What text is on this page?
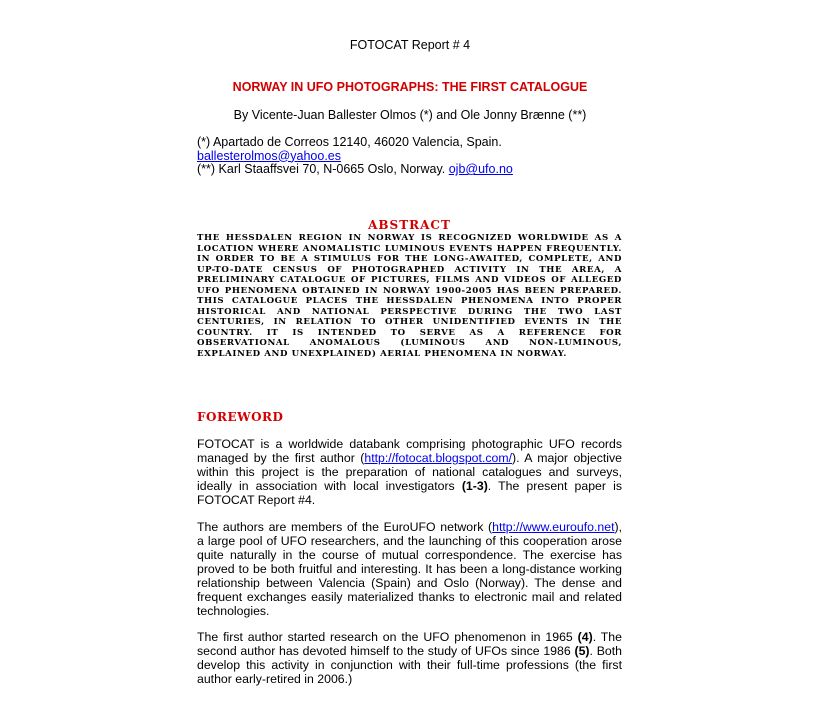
FOTOCAT Report # 4
NORWAY IN UFO PHOTOGRAPHS: THE FIRST CATALOGUE
By Vicente-Juan Ballester Olmos (*) and Ole Jonny Brænne (**)
(*) Apartado de Correos 12140, 46020 Valencia, Spain.
ballesterolmos@yahoo.es
(**) Karl Staaffsvei 70, N-0665 Oslo, Norway. ojb@ufo.no
ABSTRACT
THE HESSDALEN REGION IN NORWAY IS RECOGNIZED WORLDWIDE AS A LOCATION WHERE ANOMALISTIC LUMINOUS EVENTS HAPPEN FREQUENTLY. IN ORDER TO BE A STIMULUS FOR THE LONG-AWAITED, COMPLETE, AND UP-TO-DATE CENSUS OF PHOTOGRAPHED ACTIVITY IN THE AREA, A PRELIMINARY CATALOGUE OF PICTURES, FILMS AND VIDEOS OF ALLEGED UFO PHENOMENA OBTAINED IN NORWAY 1900-2005 HAS BEEN PREPARED. THIS CATALOGUE PLACES THE HESSDALEN PHENOMENA INTO PROPER HISTORICAL AND NATIONAL PERSPECTIVE DURING THE TWO LAST CENTURIES, IN RELATION TO OTHER UNIDENTIFIED EVENTS IN THE COUNTRY. IT IS INTENDED TO SERVE AS A REFERENCE FOR OBSERVATIONAL ANOMALOUS (LUMINOUS AND NON-LUMINOUS, EXPLAINED AND UNEXPLAINED) AERIAL PHENOMENA IN NORWAY.
FOREWORD
FOTOCAT is a worldwide databank comprising photographic UFO records managed by the first author (http://fotocat.blogspot.com/). A major objective within this project is the preparation of national catalogues and surveys, ideally in association with local investigators (1-3). The present paper is FOTOCAT Report #4.
The authors are members of the EuroUFO network (http://www.euroufo.net), a large pool of UFO researchers, and the launching of this cooperation arose quite naturally in the course of mutual correspondence. The exercise has proved to be both fruitful and interesting. It has been a long-distance working relationship between Valencia (Spain) and Oslo (Norway). The dense and frequent exchanges easily materialized thanks to electronic mail and related technologies.
The first author started research on the UFO phenomenon in 1965 (4). The second author has devoted himself to the study of UFOs since 1986 (5). Both develop this activity in conjunction with their full-time professions (the first author early-retired in 2006.)
